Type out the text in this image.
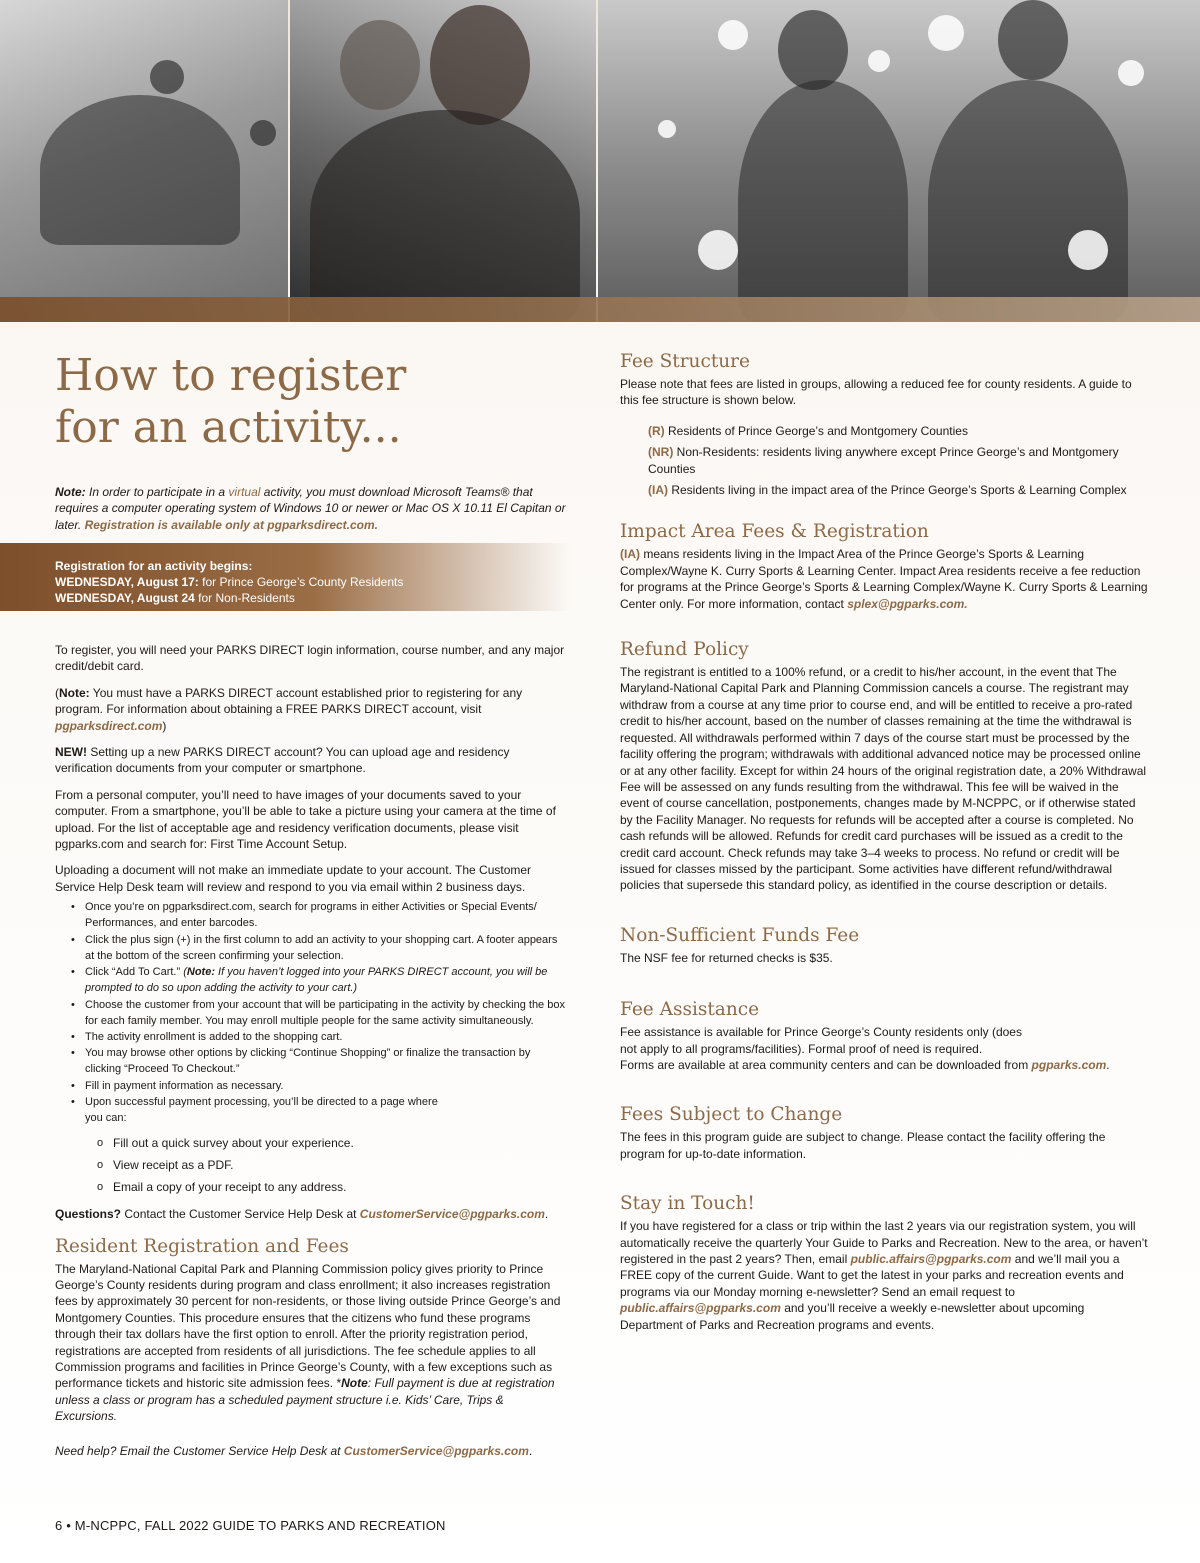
How to register
for an activity...

Note: In order to participate in a virtual activity, you must download Microsoft Teams® that requires a computer operating system of Windows 10 or newer or Mac OS X 10.11 El Capitan or later. Registration is available only at pgparksdirect.com.

Registration for an activity begins:

WEDNESDAY, August 17: for Prince George’s County Residents

WEDNESDAY, August 24 for Non-Residents

To register, you will need your PARKS DIRECT login information, course number, and any major credit/debit card.

(Note: You must have a PARKS DIRECT account established prior to registering for any program. For information about obtaining a FREE PARKS DIRECT account, visit pgparksdirect.com)

NEW! Setting up a new PARKS DIRECT account? You can upload age and residency verification documents from your computer or smartphone.

From a personal computer, you’ll need to have images of your documents saved to your computer. From a smartphone, you’ll be able to take a picture using your camera at the time of upload. For the list of acceptable age and residency verification documents, please visit pgparks.com and search for: First Time Account Setup.

Uploading a document will not make an immediate update to your account. The Customer Service Help Desk team will review and respond to you via email within 2 business days.

• Once you’re on pgparksdirect.com, search for programs in either Activities or Special Events/ Performances, and enter barcodes.
• Click the plus sign (+) in the first column to add an activity to your shopping cart. A footer appears at the bottom of the screen confirming your selection.
• Click “Add To Cart.” (Note: If you haven’t logged into your PARKS DIRECT account, you will be prompted to do so upon adding the activity to your cart.)
• Choose the customer from your account that will be participating in the activity by checking the box for each family member. You may enroll multiple people for the same activity simultaneously.
• The activity enrollment is added to the shopping cart.
• You may browse other options by clicking “Continue Shopping” or finalize the transaction by clicking “Proceed To Checkout.”
• Fill in payment information as necessary.
• Upon successful payment processing, you’ll be directed to a page where you can:
o Fill out a quick survey about your experience.
o View receipt as a PDF.
o Email a copy of your receipt to any address.

Questions? Contact the Customer Service Help Desk at CustomerService@pgparks.com.

Resident Registration and Fees

The Maryland-National Capital Park and Planning Commission policy gives priority to Prince George’s County residents during program and class enrollment; it also increases registration fees by approximately 30 percent for non-residents, or those living outside Prince George’s and Montgomery Counties. This procedure ensures that the citizens who fund these programs through their tax dollars have the first option to enroll. After the priority registration period, registrations are accepted from residents of all jurisdictions. The fee schedule applies to all Commission programs and facilities in Prince George’s County, with a few exceptions such as performance tickets and historic site admission fees. *Note: Full payment is due at registration unless a class or program has a scheduled payment structure i.e. Kids’ Care, Trips & Excursions.

Need help? Email the Customer Service Help Desk at CustomerService@pgparks.com.

Fee Structure

Please note that fees are listed in groups, allowing a reduced fee for county residents. A guide to this fee structure is shown below.

(R) Residents of Prince George’s and Montgomery Counties

(NR) Non-Residents: residents living anywhere except Prince George’s and Montgomery Counties

(IA) Residents living in the impact area of the Prince George’s Sports & Learning Complex

Impact Area Fees & Registration

(IA) means residents living in the Impact Area of the Prince George’s Sports & Learning Complex/Wayne K. Curry Sports & Learning Center. Impact Area residents receive a fee reduction for programs at the Prince George’s Sports & Learning Complex/Wayne K. Curry Sports & Learning Center only. For more information, contact splex@pgparks.com.

Refund Policy

The registrant is entitled to a 100% refund, or a credit to his/her account, in the event that The Maryland-National Capital Park and Planning Commission cancels a course. The registrant may withdraw from a course at any time prior to course end, and will be entitled to receive a pro-rated credit to his/her account, based on the number of classes remaining at the time the withdrawal is requested. All withdrawals performed within 7 days of the course start must be processed by the facility offering the program; withdrawals with additional advanced notice may be processed online or at any other facility. Except for within 24 hours of the original registration date, a 20% Withdrawal Fee will be assessed on any funds resulting from the withdrawal. This fee will be waived in the event of course cancellation, postponements, changes made by M-NCPPC, or if otherwise stated by the Facility Manager. No requests for refunds will be accepted after a course is completed. No cash refunds will be allowed. Refunds for credit card purchases will be issued as a credit to the credit card account. Check refunds may take 3–4 weeks to process. No refund or credit will be issued for classes missed by the participant. Some activities have different refund/withdrawal policies that supersede this standard policy, as identified in the course description or details.

Non-Sufficient Funds Fee

The NSF fee for returned checks is $35.

Fee Assistance

Fee assistance is available for Prince George’s County residents only (does not apply to all programs/facilities). Formal proof of need is required.

Forms are available at area community centers and can be downloaded from pgparks.com.

Fees Subject to Change

The fees in this program guide are subject to change. Please contact the facility offering the program for up-to-date information.

Stay in Touch!

If you have registered for a class or trip within the last 2 years via our registration system, you will automatically receive the quarterly Your Guide to Parks and Recreation. New to the area, or haven’t registered in the past 2 years? Then, email public.affairs@pgparks.com and we’ll mail you a FREE copy of the current Guide. Want to get the latest in your parks and recreation events and programs via our Monday morning e-newsletter? Send an email request to public.affairs@pgparks.com and you’ll receive a weekly e-newsletter about upcoming Department of Parks and Recreation programs and events.

6 • M-NCPPC, FALL 2022 GUIDE TO PARKS AND RECREATION
